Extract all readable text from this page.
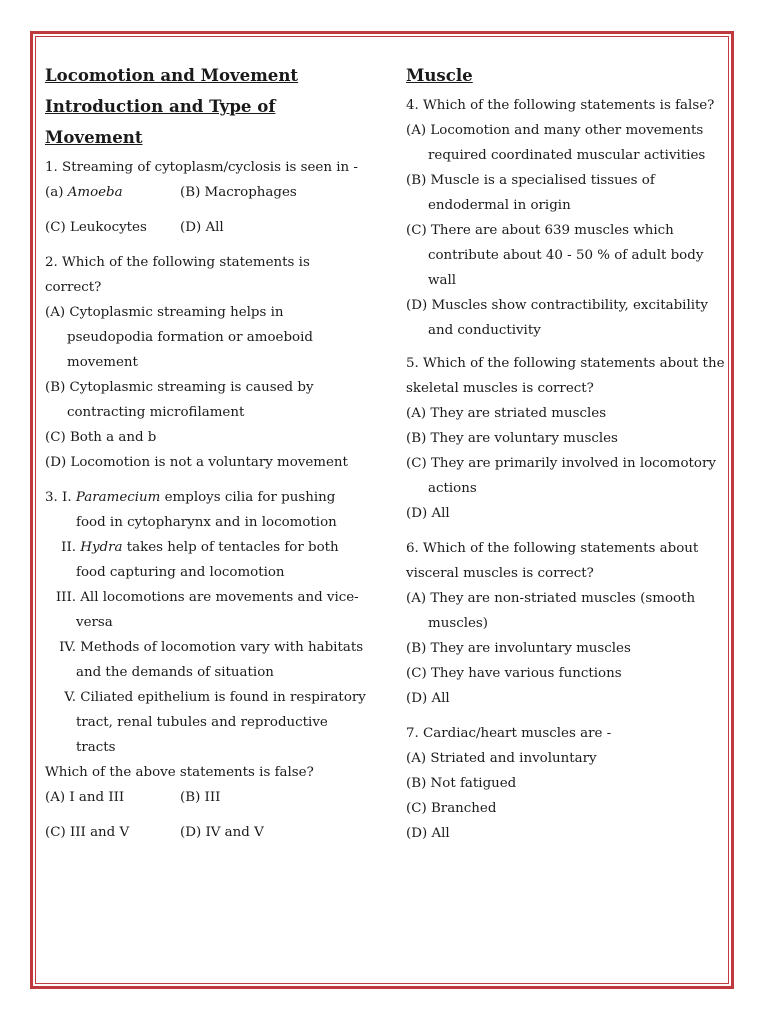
Locomotion and Movement
Introduction and Type of
Movement
1. Streaming of cytoplasm/cyclosis is seen in -
(a) Amoeba	(B) Macrophages
(C) Leukocytes	(D) All
2. Which of the following statements is
correct?
(A) Cytoplasmic streaming helps in
pseudopodia formation or amoeboid
movement
(B) Cytoplasmic streaming is caused by
contracting microfilament
(C) Both a and b
(D) Locomotion is not a voluntary movement
3. I. Paramecium employs cilia for pushing
food in cytopharynx and in locomotion
II.
Hydra takes help of tentacles for both
food capturing and locomotion
III.
All locomotions are movements and vice-
versa
IV.
Methods of locomotion vary with habitats
and the demands of situation
V.
Ciliated epithelium is found in respiratory
tract, renal tubules and reproductive
tracts
Which of the above statements is false?
(A) I and III	(B) III
(C) III and V	(D) IV and V
Muscle
4. Which of the following statements is false?
(A) Locomotion and many other movements
required coordinated muscular activities
(B) Muscle is a specialised tissues of
endodermal in origin
(C) There are about 639 muscles which
contribute about 40 - 50 % of adult body
wall
(D) Muscles show contractibility, excitability
and conductivity
5. Which of the following statements about the
skeletal muscles is correct?
(A) They are striated muscles
(B) They are voluntary muscles
(C) They are primarily involved in locomotory
actions
(D) All
6. Which of the following statements about
visceral muscles is correct?
(A) They are non-striated muscles (smooth
muscles)
(B) They are involuntary muscles
(C) They have various functions
(D) All
7. Cardiac/heart muscles are -
(A) Striated and involuntary
(B) Not fatigued
(C) Branched
(D) All
